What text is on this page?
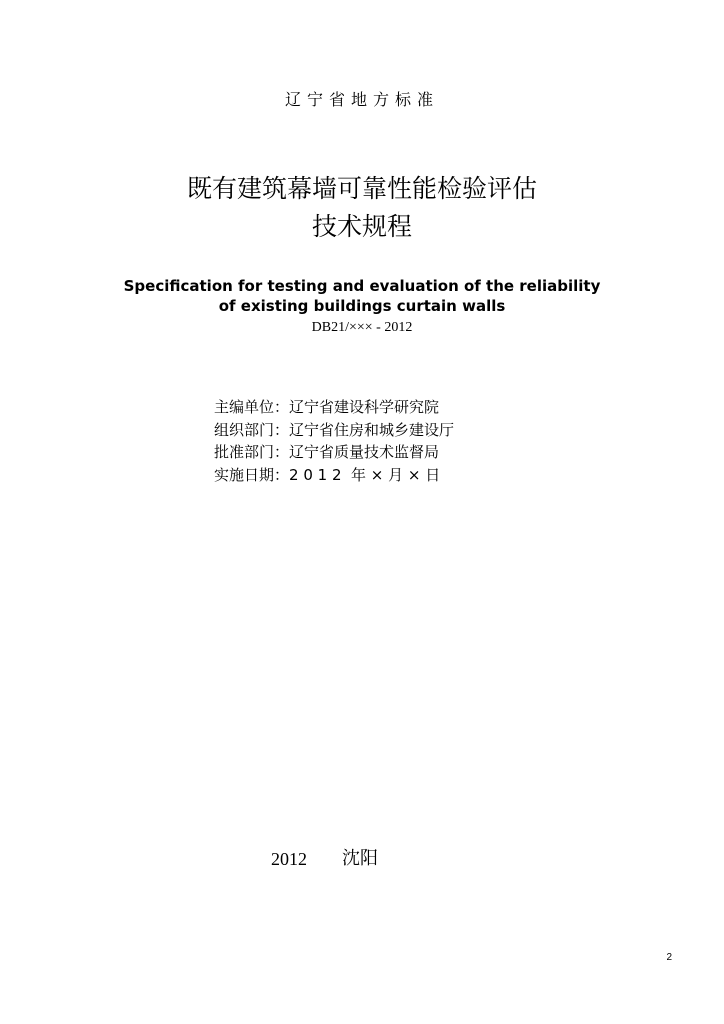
辽宁省地方标准
既有建筑幕墙可靠性能检验评估
技术规程
Specification for testing and evaluation of the reliability
of existing buildings curtain walls
DB21/××× - 2012
主编单位：辽宁省建设科学研究院
组织部门：辽宁省住房和城乡建设厅
批准部门：辽宁省质量技术监督局
实施日期：2 0 1 2  年 × 月 × 日
2012 沈阳
2
